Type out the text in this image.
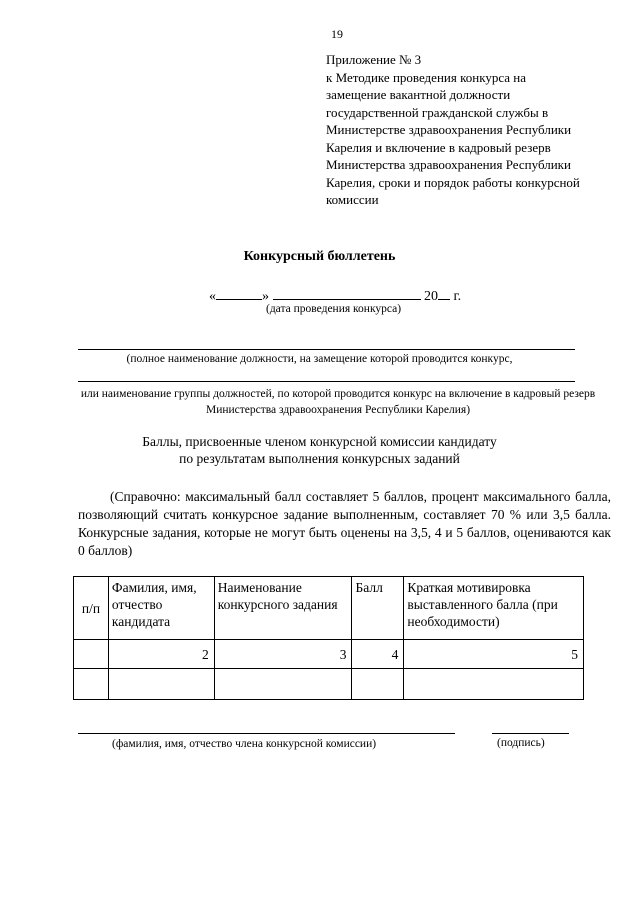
19
Приложение № 3
к Методике проведения конкурса на
замещение вакантной должности
государственной гражданской службы в
Министерстве здравоохранения Республики
Карелия и включение в кадровый резерв
Министерства здравоохранения Республики
Карелия, сроки и порядок работы конкурсной
комиссии
Конкурсный бюллетень
«	»	20 г.
(дата проведения конкурса)
(полное наименование должности, на замещение которой проводится конкурс,
или наименование группы должностей, по которой проводится конкурс на включение в кадровый резерв Министерства здравоохранения Республики Карелия)
Баллы, присвоенные членом конкурсной комиссии кандидату
по результатам выполнения конкурсных заданий

(Справочно: максимальный балл составляет 5 баллов, процент максимального балла, позволяющий считать конкурсное задание выполненным, составляет 70 % или 3,5 балла. Конкурсные задания, которые не могут быть оценены на 3,5, 4 и 5 баллов, оцениваются как 0 баллов)

п/п	Фамилия, имя, отчество кандидата	Наименование конкурсного задания	Балл	Краткая мотивировка выставленного балла (при необходимости)
	2	3	4	5

(фамилия, имя, отчество члена конкурсной комиссии)	(подпись)
